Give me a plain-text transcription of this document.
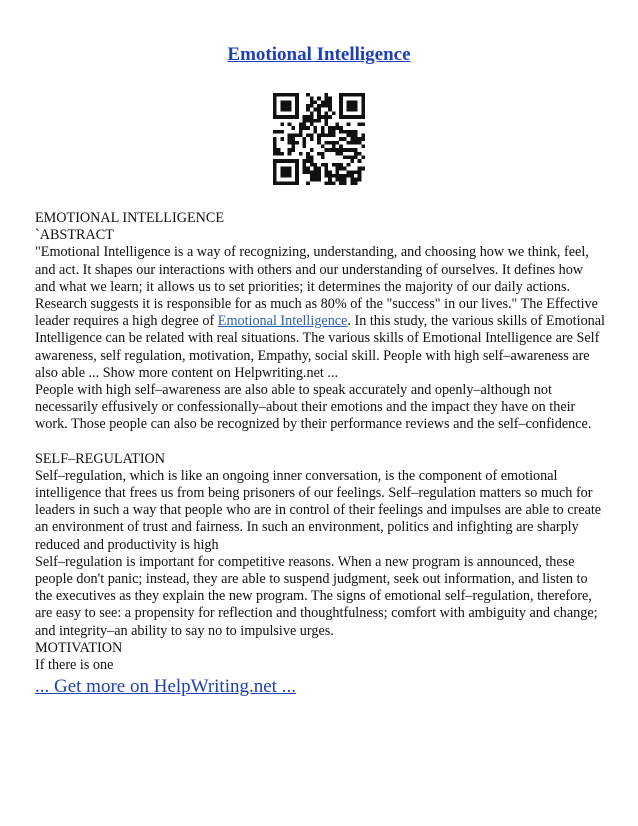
Emotional Intelligence

EMOTIONAL INTELLIGENCE

`ABSTRACT

"Emotional Intelligence is a way of recognizing, understanding, and choosing how we think, feel, and act. It shapes our interactions with others and our understanding of ourselves. It defines how and what we learn; it allows us to set priorities; it determines the majority of our daily actions. Research suggests it is responsible for as much as 80% of the "success" in our lives." The Effective leader requires a high degree of Emotional Intelligence. In this study, the various skills of Emotional Intelligence can be related with real situations. The various skills of Emotional Intelligence are Self awareness, self regulation, motivation, Empathy, social skill. People with high self–awareness are also able ... Show more content on Helpwriting.net ...

People with high self–awareness are also able to speak accurately and openly–although not necessarily effusively or confessionally–about their emotions and the impact they have on their work. Those people can also be recognized by their performance reviews and the self–confidence.

SELF–REGULATION

Self–regulation, which is like an ongoing inner conversation, is the component of emotional intelligence that frees us from being prisoners of our feelings. Self–regulation matters so much for leaders in such a way that people who are in control of their feelings and impulses are able to create an environment of trust and fairness. In such an environment, politics and infighting are sharply reduced and productivity is high

Self–regulation is important for competitive reasons. When a new program is announced, these people don't panic; instead, they are able to suspend judgment, seek out information, and listen to the executives as they explain the new program. The signs of emotional self–regulation, therefore, are easy to see: a propensity for reflection and thoughtfulness; comfort with ambiguity and change; and integrity–an ability to say no to impulsive urges.

MOTIVATION

If there is one

... Get more on HelpWriting.net ...
